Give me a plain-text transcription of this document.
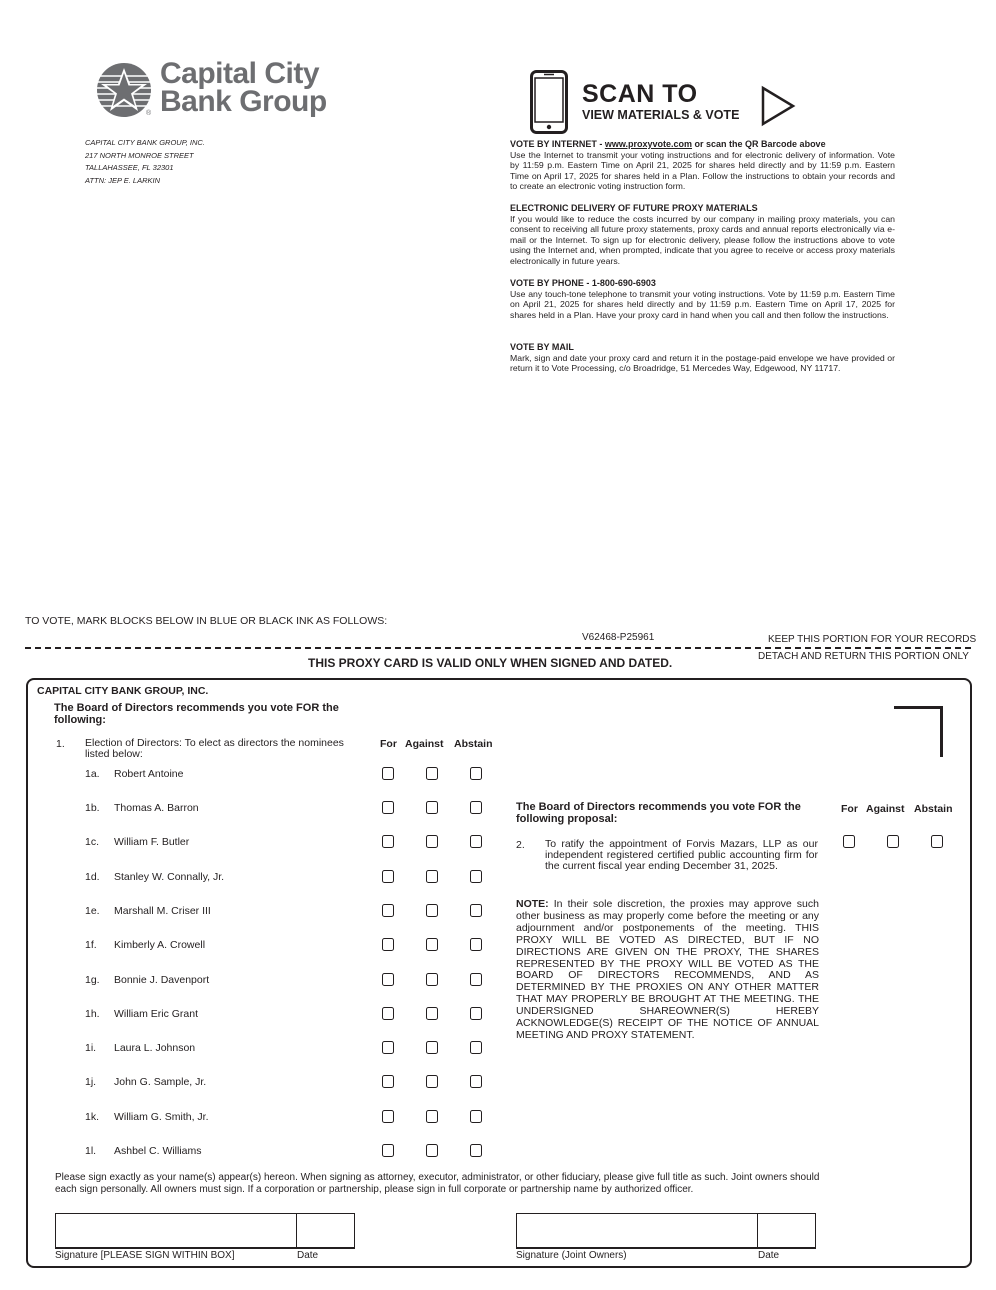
Capital City
Bank Group
®
CAPITAL CITY BANK GROUP, INC.
217 NORTH MONROE STREET
TALLAHASSEE, FL 32301
ATTN: JEP E. LARKIN
SCAN TO
VIEW MATERIALS & VOTE
VOTE BY INTERNET - www.proxyvote.com or scan the QR Barcode above

Use the Internet to transmit your voting instructions and for electronic delivery of information. Vote by 11:59 p.m. Eastern Time on April 21, 2025 for shares held directly and by 11:59 p.m. Eastern Time on April 17, 2025 for shares held in a Plan. Follow the instructions to obtain your records and to create an electronic voting instruction form.

ELECTRONIC DELIVERY OF FUTURE PROXY MATERIALS

If you would like to reduce the costs incurred by our company in mailing proxy materials, you can consent to receiving all future proxy statements, proxy cards and annual reports electronically via e-mail or the Internet. To sign up for electronic delivery, please follow the instructions above to vote using the Internet and, when prompted, indicate that you agree to receive or access proxy materials electronically in future years.

VOTE BY PHONE - 1-800-690-6903

Use any touch-tone telephone to transmit your voting instructions. Vote by 11:59 p.m. Eastern Time on April 21, 2025 for shares held directly and by 11:59 p.m. Eastern Time on April 17, 2025 for shares held in a Plan. Have your proxy card in hand when you call and then follow the instructions.

VOTE BY MAIL

Mark, sign and date your proxy card and return it in the postage-paid envelope we have provided or return it to Vote Processing, c/o Broadridge, 51 Mercedes Way, Edgewood, NY 11717.

TO VOTE, MARK BLOCKS BELOW IN BLUE OR BLACK INK AS FOLLOWS:
V62468-P25961	KEEP THIS PORTION FOR YOUR RECORDS
THIS PROXY CARD IS VALID ONLY WHEN SIGNED AND DATED.	DETACH AND RETURN THIS PORTION ONLY
CAPITAL CITY BANK GROUP, INC.
The Board of Directors recommends you vote FOR the following:
1. Election of Directors: To elect as directors the nominees listed below:
For Against Abstain
1a. Robert Antoine
1b. Thomas A. Barron
1c. William F. Butler
1d. Stanley W. Connally, Jr.
1e. Marshall M. Criser III
1f. Kimberly A. Crowell
1g. Bonnie J. Davenport
1h. William Eric Grant
1i. Laura L. Johnson
1j. John G. Sample, Jr.
1k. William G. Smith, Jr.
1l. Ashbel C. Williams
The Board of Directors recommends you vote FOR the following proposal:
For Against Abstain
2. To ratify the appointment of Forvis Mazars, LLP as our independent registered certified public accounting firm for the current fiscal year ending December 31, 2025.
NOTE: In their sole discretion, the proxies may approve such other business as may properly come before the meeting or any adjournment and/or postponements of the meeting. THIS PROXY WILL BE VOTED AS DIRECTED, BUT IF NO DIRECTIONS ARE GIVEN ON THE PROXY, THE SHARES REPRESENTED BY THE PROXY WILL BE VOTED AS THE BOARD OF DIRECTORS RECOMMENDS, AND AS DETERMINED BY THE PROXIES ON ANY OTHER MATTER THAT MAY PROPERLY BE BROUGHT AT THE MEETING. THE UNDERSIGNED SHAREOWNER(S) HEREBY ACKNOWLEDGE(S) RECEIPT OF THE NOTICE OF ANNUAL MEETING AND PROXY STATEMENT.
Please sign exactly as your name(s) appear(s) hereon. When signing as attorney, executor, administrator, or other fiduciary, please give full title as such. Joint owners should each sign personally. All owners must sign. If a corporation or partnership, please sign in full corporate or partnership name by authorized officer.
Signature [PLEASE SIGN WITHIN BOX]	Date	Signature (Joint Owners)	Date
